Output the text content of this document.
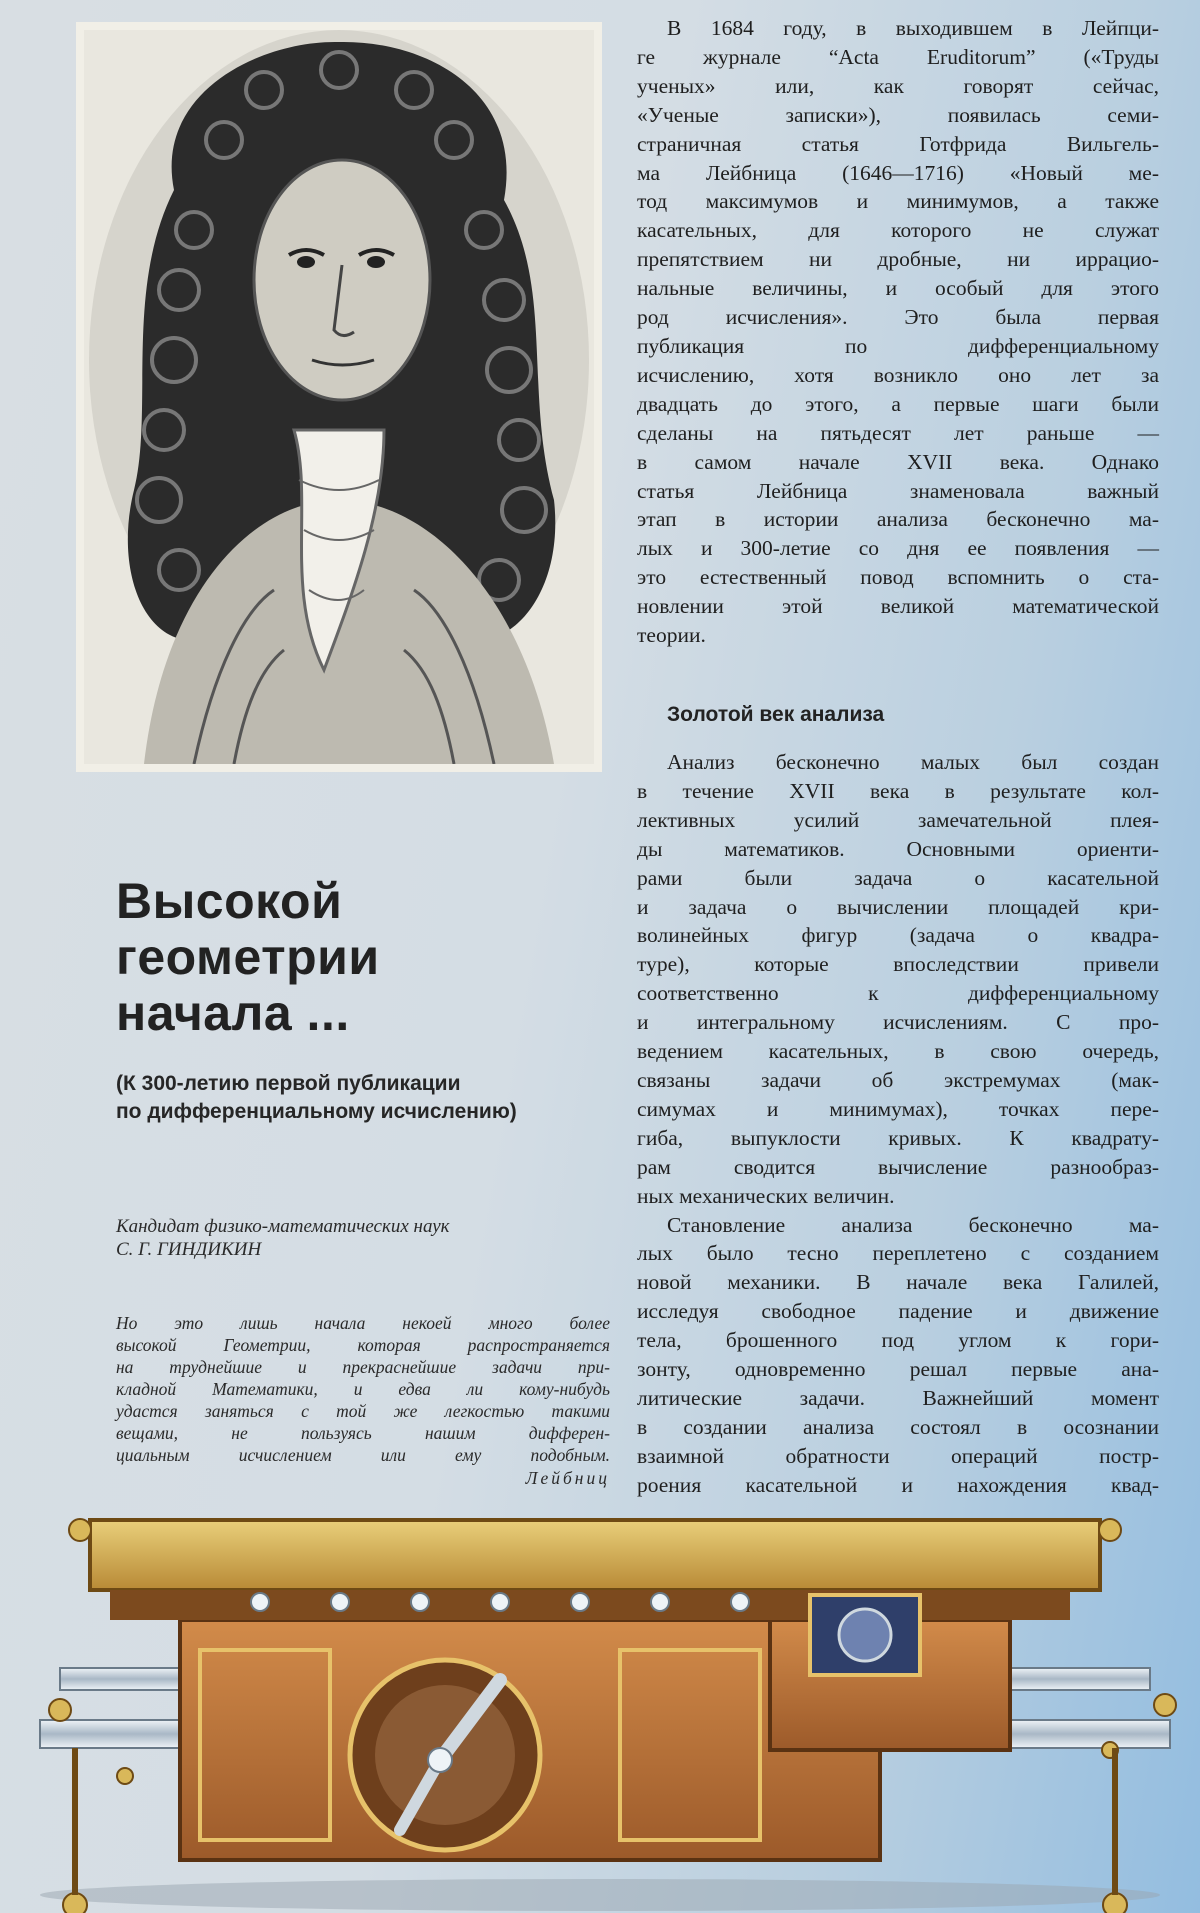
В 1684 году, в выходившем в Лейпци-
ге журнале “Acta Eruditorum” («Труды
ученых» или, как говорят сейчас,
«Ученые записки»), появилась семи-
страничная статья Готфрида Вильгель-
ма Лейбница (1646—1716) «Новый ме-
тод максимумов и минимумов, а также
касательных, для которого не служат
препятствием ни дробные, ни иррацио-
нальные величины, и особый для этого
род исчисления». Это была первая
публикация по дифференциальному
исчислению, хотя возникло оно лет за
двадцать до этого, а первые шаги были
сделаны на пятьдесят лет раньше —
в самом начале XVII века. Однако
статья Лейбница знаменовала важный
этап в истории анализа бесконечно ма-
лых и 300-летие со дня ее появления —
это естественный повод вспомнить о ста-
новлении этой великой математической
теории.
Золотой век анализа
Анализ бесконечно малых был создан
в течение XVII века в результате кол-
лективных усилий замечательной плея-
ды математиков. Основными ориенти-
рами были задача о касательной
и задача о вычислении площадей кри-
волинейных фигур (задача о квадра-
туре), которые впоследствии привели
соответственно к дифференциальному
и интегральному исчислениям. С про-
ведением касательных, в свою очередь,
связаны задачи об экстремумах (мак-
симумах и минимумах), точках пере-
гиба, выпуклости кривых. К квадрату-
рам сводится вычисление разнообраз-
ных механических величин.
Становление анализа бесконечно ма-
лых было тесно переплетено с созданием
новой механики. В начале века Галилей,
исследуя свободное падение и движение
тела, брошенного под углом к гори-
зонту, одновременно решал первые ана-
литические задачи. Важнейший момент
в создании анализа состоял в осознании
взаимной обратности операций постр-
роения касательной и нахождения квад-
Высокой
геометрии
начала ...
(К 300-летию первой публикации
по дифференциальному исчислению)
Кандидат физико-математических наук
С. Г. ГИНДИКИН
Но это лишь начала некоей много более
высокой Геометрии, которая распространяется
на труднейшие и прекраснейшие задачи при-
кладной Математики, и едва ли кому-нибудь
удастся заняться с той же легкостью такими
вещами, не пользуясь нашим дифферен-
циальным исчислением или ему подобным.
Лейбниц
